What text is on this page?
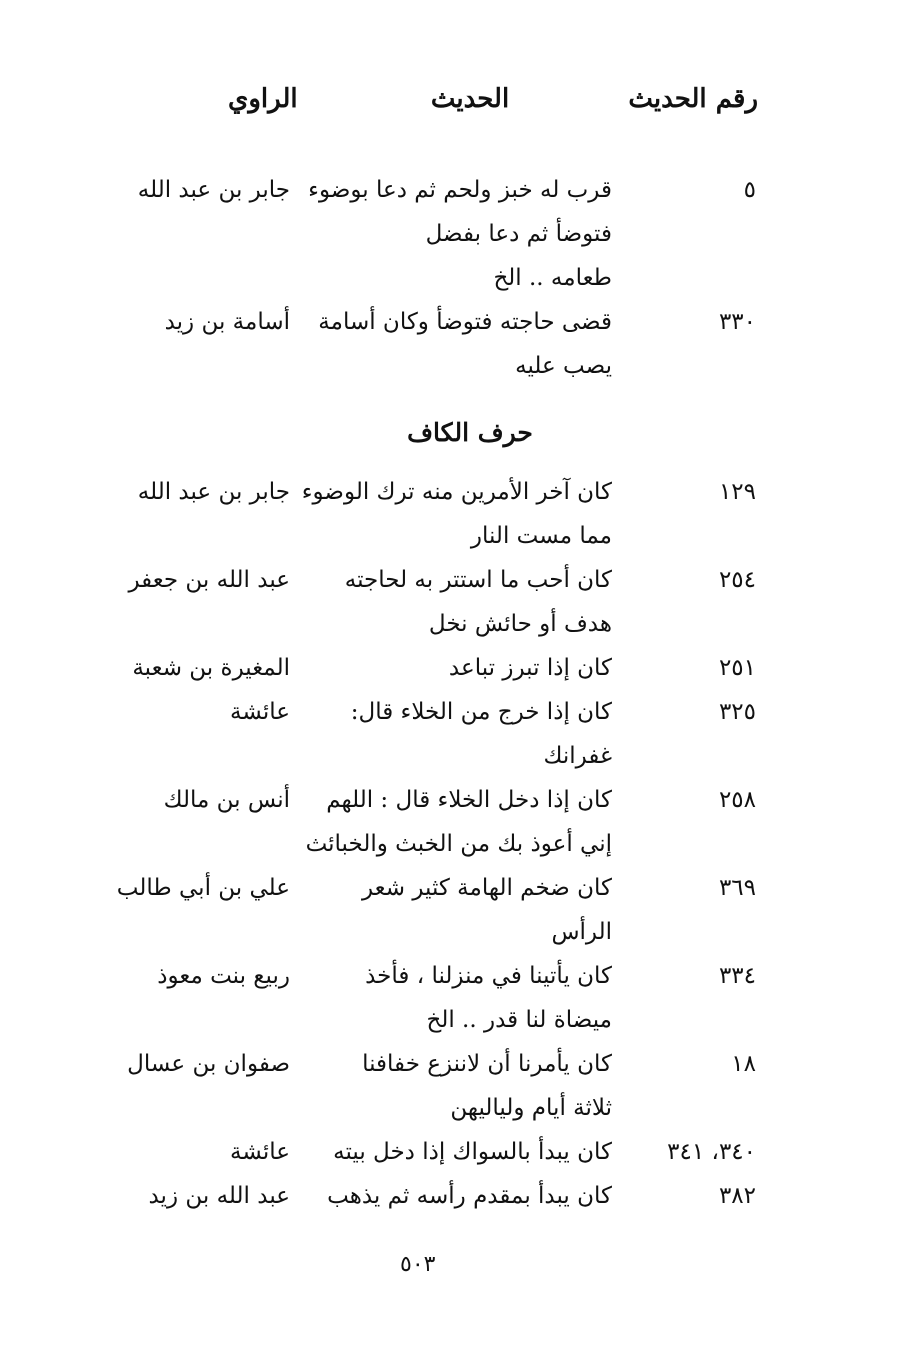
رقم الحديث
الحديث
الراوي
٥
قرب له خبز ولحم ثم دعا بوضوء
فتوضأ ثم دعا بفضل
طعامه .. الخ
جابر بن عبد الله
٣٣٠
قضى حاجته فتوضأ وكان أسامة
يصب عليه
أسامة بن زيد
حرف الكاف
١٢٩
كان آخر الأمرين منه ترك الوضوء
مما مست النار
جابر بن عبد الله
٢٥٤
كان أحب ما استتر به لحاجته
هدف أو حائش نخل
عبد الله بن جعفر
٢٥١
كان إذا تبرز تباعد
المغيرة بن شعبة
٣٢٥
كان إذا خرج من الخلاء قال:
غفرانك
عائشة
٢٥٨
كان إذا دخل الخلاء قال : اللهم
إني أعوذ بك من الخبث والخبائث
أنس بن مالك
٣٦٩
كان ضخم الهامة كثير شعر
الرأس
علي بن أبي طالب
٣٣٤
كان يأتينا في منزلنا ، فأخذ
ميضاة لنا قدر .. الخ
ربيع بنت معوذ
١٨
كان يأمرنا أن لاننزع خفافنا
ثلاثة أيام ولياليهن
صفوان بن عسال
٣٤٠، ٣٤١
كان يبدأ بالسواك إذا دخل بيته
عائشة
٣٨٢
كان يبدأ بمقدم رأسه ثم يذهب
عبد الله بن زيد
٥٠٣
